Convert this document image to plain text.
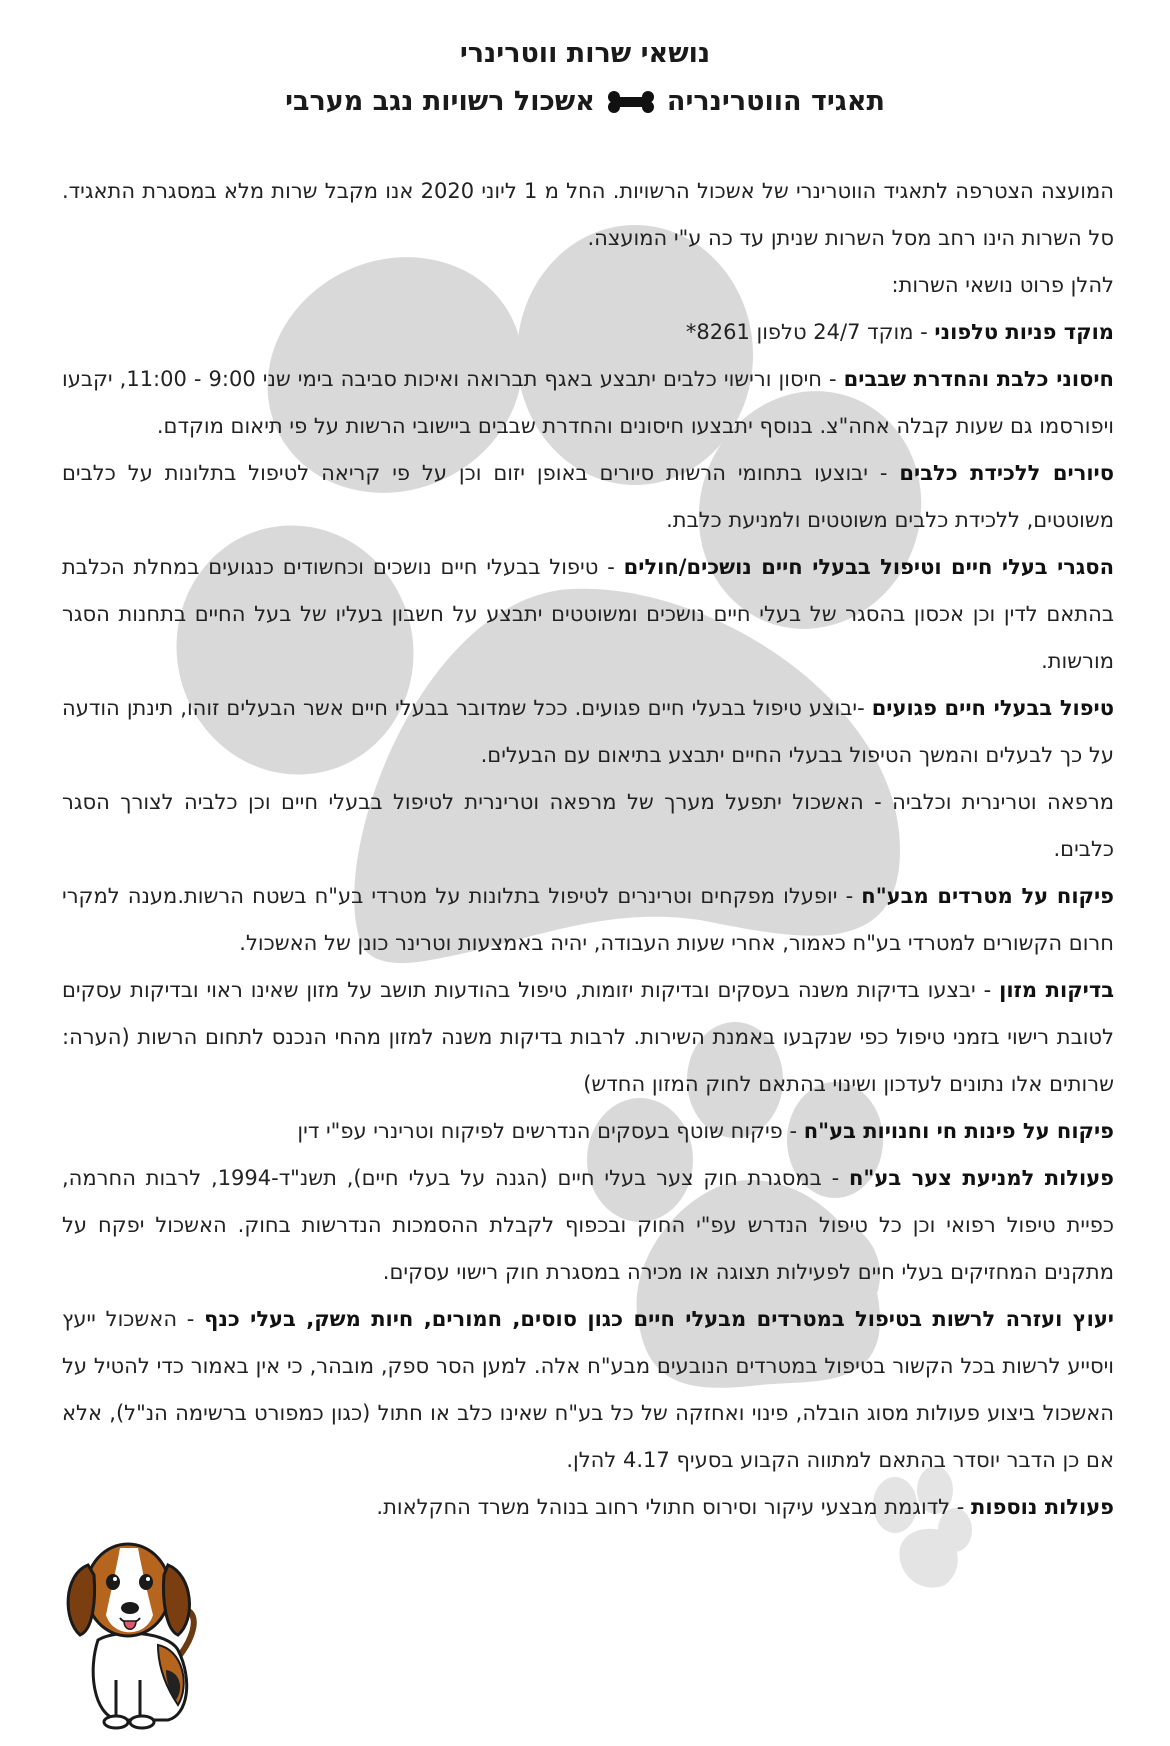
נושאי שרות ווטרינרי
תאגיד הווטרינריה
אשכול רשויות נגב מערבי

המועצה הצטרפה לתאגיד הווטרינרי של אשכול הרשויות. החל מ 1 ליוני 2020 אנו מקבל שרות מלא במסגרת התאגיד. סל השרות הינו רחב מסל השרות שניתן עד כה ע"י המועצה.

להלן פרוט נושאי השרות:

מוקד פניות טלפוני - מוקד 24/7 טלפון 8261*

חיסוני כלבת והחדרת שבבים - חיסון ורישוי כלבים יתבצע באגף תברואה ואיכות סביבה בימי שני 9:00 - 11:00, יקבעו ויפורסמו גם שעות קבלה אחה"צ. בנוסף יתבצעו חיסונים והחדרת שבבים ביישובי הרשות על פי תיאום מוקדם.

סיורים ללכידת כלבים - יבוצעו בתחומי הרשות סיורים באופן יזום וכן על פי קריאה לטיפול בתלונות על כלבים משוטטים, ללכידת כלבים משוטטים ולמניעת כלבת.

הסגרי בעלי חיים וטיפול בבעלי חיים נושכים/חולים - טיפול בבעלי חיים נושכים וכחשודים כנגועים במחלת הכלבת בהתאם לדין וכן אכסון בהסגר של בעלי חיים נושכים ומשוטטים יתבצע על חשבון בעליו של בעל החיים בתחנות הסגר מורשות.

טיפול בבעלי חיים פגועים -יבוצע טיפול בבעלי חיים פגועים. ככל שמדובר בבעלי חיים אשר הבעלים זוהו, תינתן הודעה על כך לבעלים והמשך הטיפול בבעלי החיים יתבצע בתיאום עם הבעלים.

מרפאה וטרינרית וכלביה - האשכול יתפעל מערך של מרפאה וטרינרית לטיפול בבעלי חיים וכן כלביה לצורך הסגר כלבים.

פיקוח על מטרדים מבע"ח - יופעלו מפקחים וטרינרים לטיפול בתלונות על מטרדי בע"ח בשטח הרשות.מענה למקרי חרום הקשורים למטרדי בע"ח כאמור, אחרי שעות העבודה, יהיה באמצעות וטרינר כונן של האשכול.

בדיקות מזון - יבצעו בדיקות משנה בעסקים ובדיקות יזומות, טיפול בהודעות תושב על מזון שאינו ראוי ובדיקות עסקים לטובת רישוי בזמני טיפול כפי שנקבעו באמנת השירות. לרבות בדיקות משנה למזון מהחי הנכנס לתחום הרשות (הערה: שרותים אלו נתונים לעדכון ושינוי בהתאם לחוק המזון החדש)

פיקוח על פינות חי וחנויות בע"ח - פיקוח שוטף בעסקים הנדרשים לפיקוח וטרינרי עפ"י דין

פעולות למניעת צער בע"ח - במסגרת חוק צער בעלי חיים (הגנה על בעלי חיים), תשנ"ד-1994, לרבות החרמה, כפיית טיפול רפואי וכן כל טיפול הנדרש עפ"י החוק ובכפוף לקבלת ההסמכות הנדרשות בחוק. האשכול יפקח על מתקנים המחזיקים בעלי חיים לפעילות תצוגה או מכירה במסגרת חוק רישוי עסקים.

יעוץ ועזרה לרשות בטיפול במטרדים מבעלי חיים כגון סוסים, חמורים, חיות משק, בעלי כנף - האשכול ייעץ ויסייע לרשות בכל הקשור בטיפול במטרדים הנובעים מבע"ח אלה. למען הסר ספק, מובהר, כי אין באמור כדי להטיל על האשכול ביצוע פעולות מסוג הובלה, פינוי ואחזקה של כל בע"ח שאינו כלב או חתול (כגון כמפורט ברשימה הנ"ל), אלא אם כן הדבר יוסדר בהתאם למתווה הקבוע בסעיף 4.17 להלן.

פעולות נוספות - לדוגמת מבצעי עיקור וסירוס חתולי רחוב בנוהל משרד החקלאות.
